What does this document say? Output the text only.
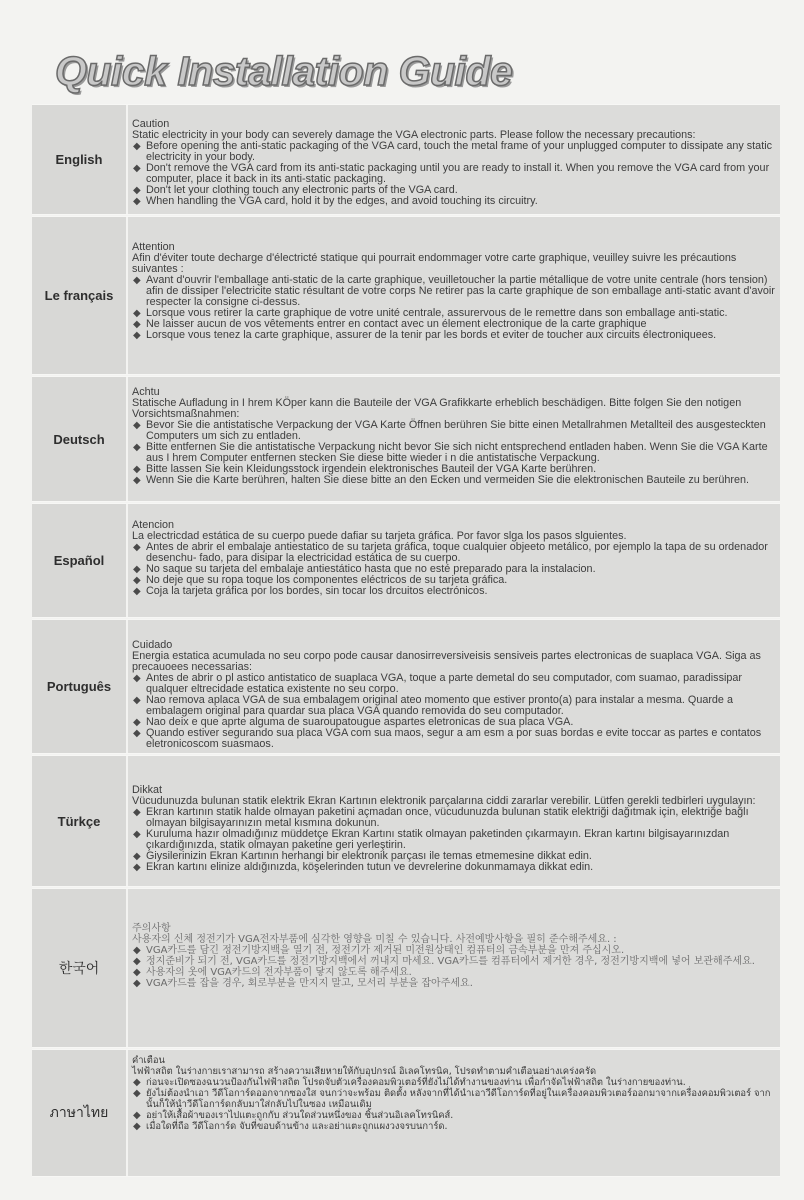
Quick Installation Guide
English
Caution
Static electricity in your body can severely damage the VGA electronic parts. Please follow the necessary precautions:
◆ Before opening the anti-static packaging of the VGA card, touch the metal frame of your unplugged computer to dissipate any static electricity in your body.
◆ Don't remove the VGA card from its anti-static packaging until you are ready to install it. When you remove the VGA card from your computer, place it back in its anti-static packaging.
◆ Don't let your clothing touch any electronic parts of the VGA card.
◆ When handling the VGA card, hold it by the edges, and avoid touching its circuitry.
Le français
Attention
Afin d'éviter toute decharge d'électricté statique qui pourrait endommager votre carte graphique, veuilley suivre les précautions suivantes :
◆ Avant d'ouvrir l'emballage anti-static de la carte graphique, veuilletoucher la partie métallique de votre unite centrale (hors tension) afin de dissiper l'electricite static résultant de votre corps Ne retirer pas la carte graphique de son emballage anti-static avant d'avoir respecter la consigne ci-dessus.
◆ Lorsque vous retirer la carte graphique de votre unité centrale, assurervous de le remettre dans son emballage anti-static.
◆ Ne laisser aucun de vos vêtements entrer en contact avec un élement electronique de la carte graphique
◆ Lorsque vous tenez la carte graphique, assurer de la tenir par les bords et eviter de toucher aux circuits électroniquees.
Deutsch
Achtu
Statische Aufladung in I hrem KÖper kann die Bauteile der VGA Grafikkarte erheblich beschädigen. Bitte folgen Sie den notigen Vorsichtsmaßnahmen:
◆ Bevor Sie die antistatische Verpackung der VGA Karte Öffnen berühren Sie bitte einen Metallrahmen Metallteil des ausgesteckten Computers um sich zu entladen.
◆ Bitte entfernen Sie die antistatische Verpackung nicht bevor Sie sich nicht entsprechend entladen haben. Wenn Sie die VGA Karte aus I hrem Computer entfernen stecken Sie diese bitte wieder i n die antistatische Verpackung.
◆ Bitte lassen Sie kein Kleidungsstock irgendein elektronisches Bauteil der VGA Karte berühren.
◆ Wenn Sie die Karte berühren, halten Sie diese bitte an den Ecken und vermeiden Sie die elektronischen Bauteile zu berühren.
Español
Atencion
La electricdad estática de su cuerpo puede dafiar su tarjeta gráfica. Por favor slga los pasos slguientes.
◆ Antes de abrir el embalaje antiestatico de su tarjeta gráfica, toque cualquier objeeto metálico, por ejemplo la tapa de su ordenador desenchu- fado, para disipar la electricidad estática de su cuerpo.
◆ No saque su tarjeta del embalaje antiestático hasta que no esté preparado para la instalacion.
◆ No deje que su ropa toque los componentes eléctricos de su tarjeta gráfica.
◆ Coja la tarjeta gráfica por los bordes, sin tocar los drcuitos electrónicos.
Português
Cuidado
Energia estatica acumulada no seu corpo pode causar danosirreversiveisis sensiveis partes electronicas de suaplaca VGA. Siga as precauoees necessarias:
◆ Antes de abrir o pl astico antistatico de suaplaca VGA, toque a parte demetal do seu computador, com suamao, paradissipar qualquer eltrecidade estatica existente no seu corpo.
◆ Nao remova aplaca VGA de sua embalagem original ateo momento que estiver pronto(a) para instalar a mesma. Quarde a embalagem original para quardar sua placa VGA quando removida do seu computador.
◆ Nao deix e que aprte alguma de suaroupatougue aspartes eletronicas de sua placa VGA.
◆ Quando estiver segurando sua placa VGA com sua maos, segur a am esm a por suas bordas e evite toccar as partes e contatos eletronicoscom suasmaos.
Türkçe
Dikkat
Vücudunuzda bulunan statik elektrik Ekran Kartının elektronik parçalarına ciddi zararlar verebilir. Lütfen gerekli tedbirleri uygulayın:
◆ Ekran kartının statik halde olmayan paketini açmadan once, vücudunuzda bulunan statik elektriği dağıtmak için, elektriğe bağlı olmayan bilgisayarınızın metal kısmına dokunun.
◆ Kuruluma hazır olmadığınız müddetçe Ekran Kartını statik olmayan paketinden çıkarmayın. Ekran kartını bilgisayarınızdan çıkardığınızda, statik olmayan paketine geri yerleştirin.
◆ Giysilerinizin Ekran Kartının herhangi bir elektronik parçası ile temas etmemesine dikkat edin.
◆ Ekran kartını elinize aldığınızda, köşelerinden tutun ve devrelerine dokunmamaya dikkat edin.
한국어
주의사항
사용자의 신체 정전기가 VGA전자부품에 심각한 영향을 미칠 수 있습니다. 사전예방사항을 필히 준수해주세요. :
◆ VGA카드를 담긴 정전기방지백을 열기 전, 정전기가 제거된 미전원상태인 컴퓨터의 금속부분을 만져 주십시오.
◆ 정지준비가 되기 전, VGA카드를 정전기방지백에서 꺼내지 마세요. VGA카드를 컴퓨터에서 제거한 경우, 정전기방지백에 넣어 보관해주세요.
◆ 사용자의 옷에 VGA카드의 전자부품이 닿지 않도록 해주세요.
◆ VGA카드를 잡을 경우, 회로부분을 만지지 말고, 모서리 부분을 잡아주세요.
ภาษาไทย
คำเตือน
ไฟฟ้าสถิต ในร่างกายเราสามารถ สร้างความเสียหายให้กับอุปกรณ์ อิเลคโทรนิค, โปรดทำตามคำเตือนอย่างเคร่งครัด
◆ ก่อนจะเปิดซองฉนวนป้องกันไฟฟ้าสถิต โปรดจับตัวเครื่องคอมพิวเตอร์ที่ยังไม่ได้ทำงานของท่าน เพื่อกำจัดไฟฟ้าสถิต ในร่างกายของท่าน.
◆ ยังไม่ต้องนำเอา วีดีโอการ์ดออกจากซองใส จนกว่าจะพร้อม ติดตั้ง หลังจากที่ได้นำเอาวีดีโอการ์ดที่อยู่ในเครื่องคอมพิวเตอร์ออกมาจากเครื่องคอมพิวเตอร์ จากนั้นก็ให้นำวีดีโอการ์ดกลับมาใส่กลับไปในซอง เหมือนเดิม
◆ อย่าให้เสื้อผ้าของเราไปแตะถูกกับ ส่วนใดส่วนหนึ่งของ ชิ้นส่วนอิเลคโทรนิคส์.
◆ เมื่อใดที่ถือ วีดีโอการ์ด จับที่ขอบด้านข้าง และอย่าแตะถูกแผงวงจรบนการ์ด.
